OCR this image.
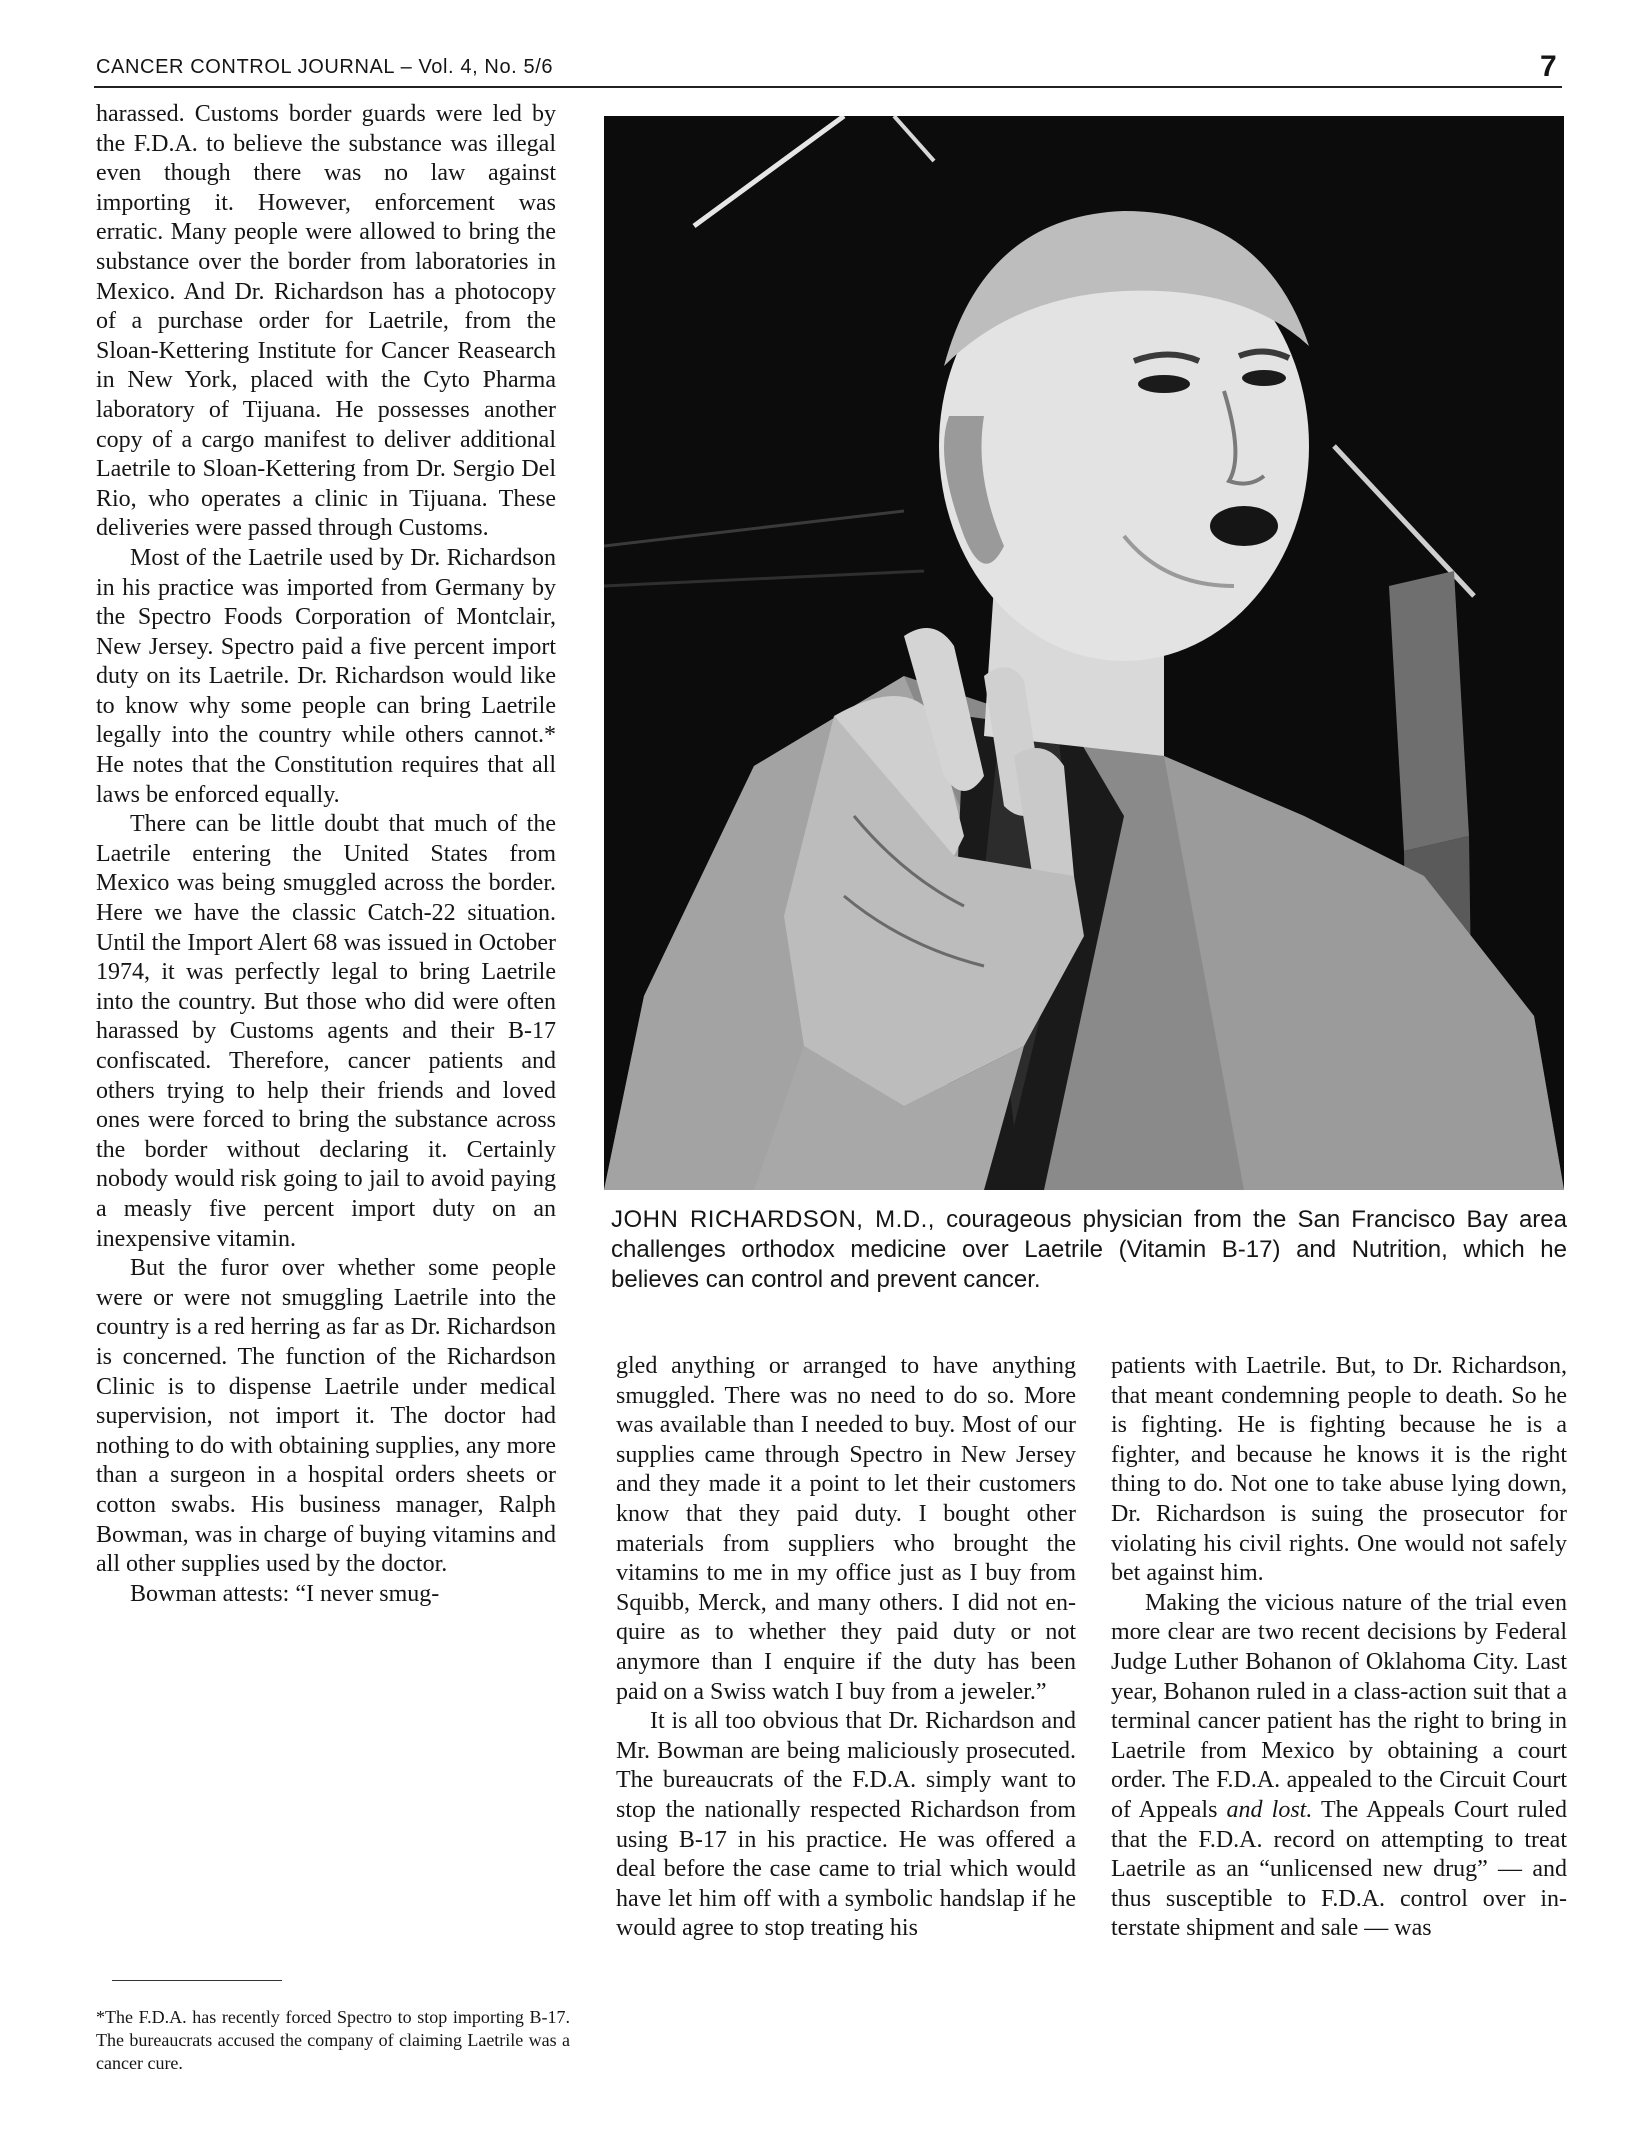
CANCER CONTROL JOURNAL – Vol. 4, No. 5/6	7

harassed. Customs border guards were led by the F.D.A. to believe the substance was illegal even though there was no law against importing it. However, enforcement was erratic. Many people were allowed to bring the substance over the border from laboratories in Mexico. And Dr. Richardson has a photocopy of a purchase order for Laetrile, from the Sloan-Kettering Institute for Cancer Reasearch in New York, placed with the Cyto Pharma laboratory of Tijuana. He possesses another copy of a cargo manifest to deliver additional Laetrile to Sloan-Kettering from Dr. Sergio Del Rio, who operates a clinic in Tijuana. These deliveries were passed through Customs.

Most of the Laetrile used by Dr. Richardson in his practice was imported from Germany by the Spectro Foods Corporation of Montclair, New Jersey. Spectro paid a five percent import duty on its Laetrile. Dr. Richardson would like to know why some people can bring Laetrile legally into the country while others cannot.* He notes that the Constitution requires that all laws be enforced equally.

There can be little doubt that much of the Laetrile entering the United States from Mexico was being smuggled across the border. Here we have the classic Catch-22 situation. Until the Import Alert 68 was issued in October 1974, it was perfectly legal to bring Laetrile into the country. But those who did were often harassed by Customs agents and their B-17 confiscated. Therefore, cancer patients and others trying to help their friends and loved ones were forced to bring the substance across the border without declaring it. Certainly nobody would risk going to jail to avoid paying a measly five percent import duty on an inexpensive vitamin.

But the furor over whether some people were or were not smuggling Laetrile into the country is a red herring as far as Dr. Richardson is concerned. The function of the Richardson Clinic is to dispense Laetrile under medical supervision, not import it. The doctor had nothing to do with obtaining supplies, any more than a surgeon in a hospital orders sheets or cotton swabs. His business manager, Ralph Bowman, was in charge of buying vitamins and all other supplies used by the doctor.

Bowman attests: “I never smug-

*The F.D.A. has recently forced Spectro to stop importing B-17. The bureaucrats accused the company of claiming Laetrile was a cancer cure.
JOHN RICHARDSON, M.D., courageous physician from the San Francisco Bay area challenges orthodox medicine over Laetrile (Vitamin B-17) and Nutrition, which he believes can control and prevent cancer.

gled anything or arranged to have anything smuggled. There was no need to do so. More was available than I needed to buy. Most of our supplies came through Spectro in New Jersey and they made it a point to let their customers know that they paid duty. I bought other materials from suppliers who brought the vitamins to me in my office just as I buy from Squibb, Merck, and many others. I did not enquire as to whether they paid duty or not anymore than I enquire if the duty has been paid on a Swiss watch I buy from a jeweler.”

It is all too obvious that Dr. Richardson and Mr. Bowman are being maliciously prosecuted. The bureaucrats of the F.D.A. simply want to stop the nationally respected Richardson from using B-17 in his practice. He was offered a deal before the case came to trial which would have let him off with a symbolic handslap if he would agree to stop treating his

patients with Laetrile. But, to Dr. Richardson, that meant condemning people to death. So he is fighting. He is fighting because he is a fighter, and because he knows it is the right thing to do. Not one to take abuse lying down, Dr. Richardson is suing the prosecutor for violating his civil rights. One would not safely bet against him.

Making the vicious nature of the trial even more clear are two recent decisions by Federal Judge Luther Bohanon of Oklahoma City. Last year, Bohanon ruled in a class-action suit that a terminal cancer patient has the right to bring in Laetrile from Mexico by obtaining a court order. The F.D.A. appealed to the Circuit Court of Appeals and lost. The Appeals Court ruled that the F.D.A. record on attempting to treat Laetrile as an “unlicensed new drug” — and thus susceptible to F.D.A. control over interstate shipment and sale — was
